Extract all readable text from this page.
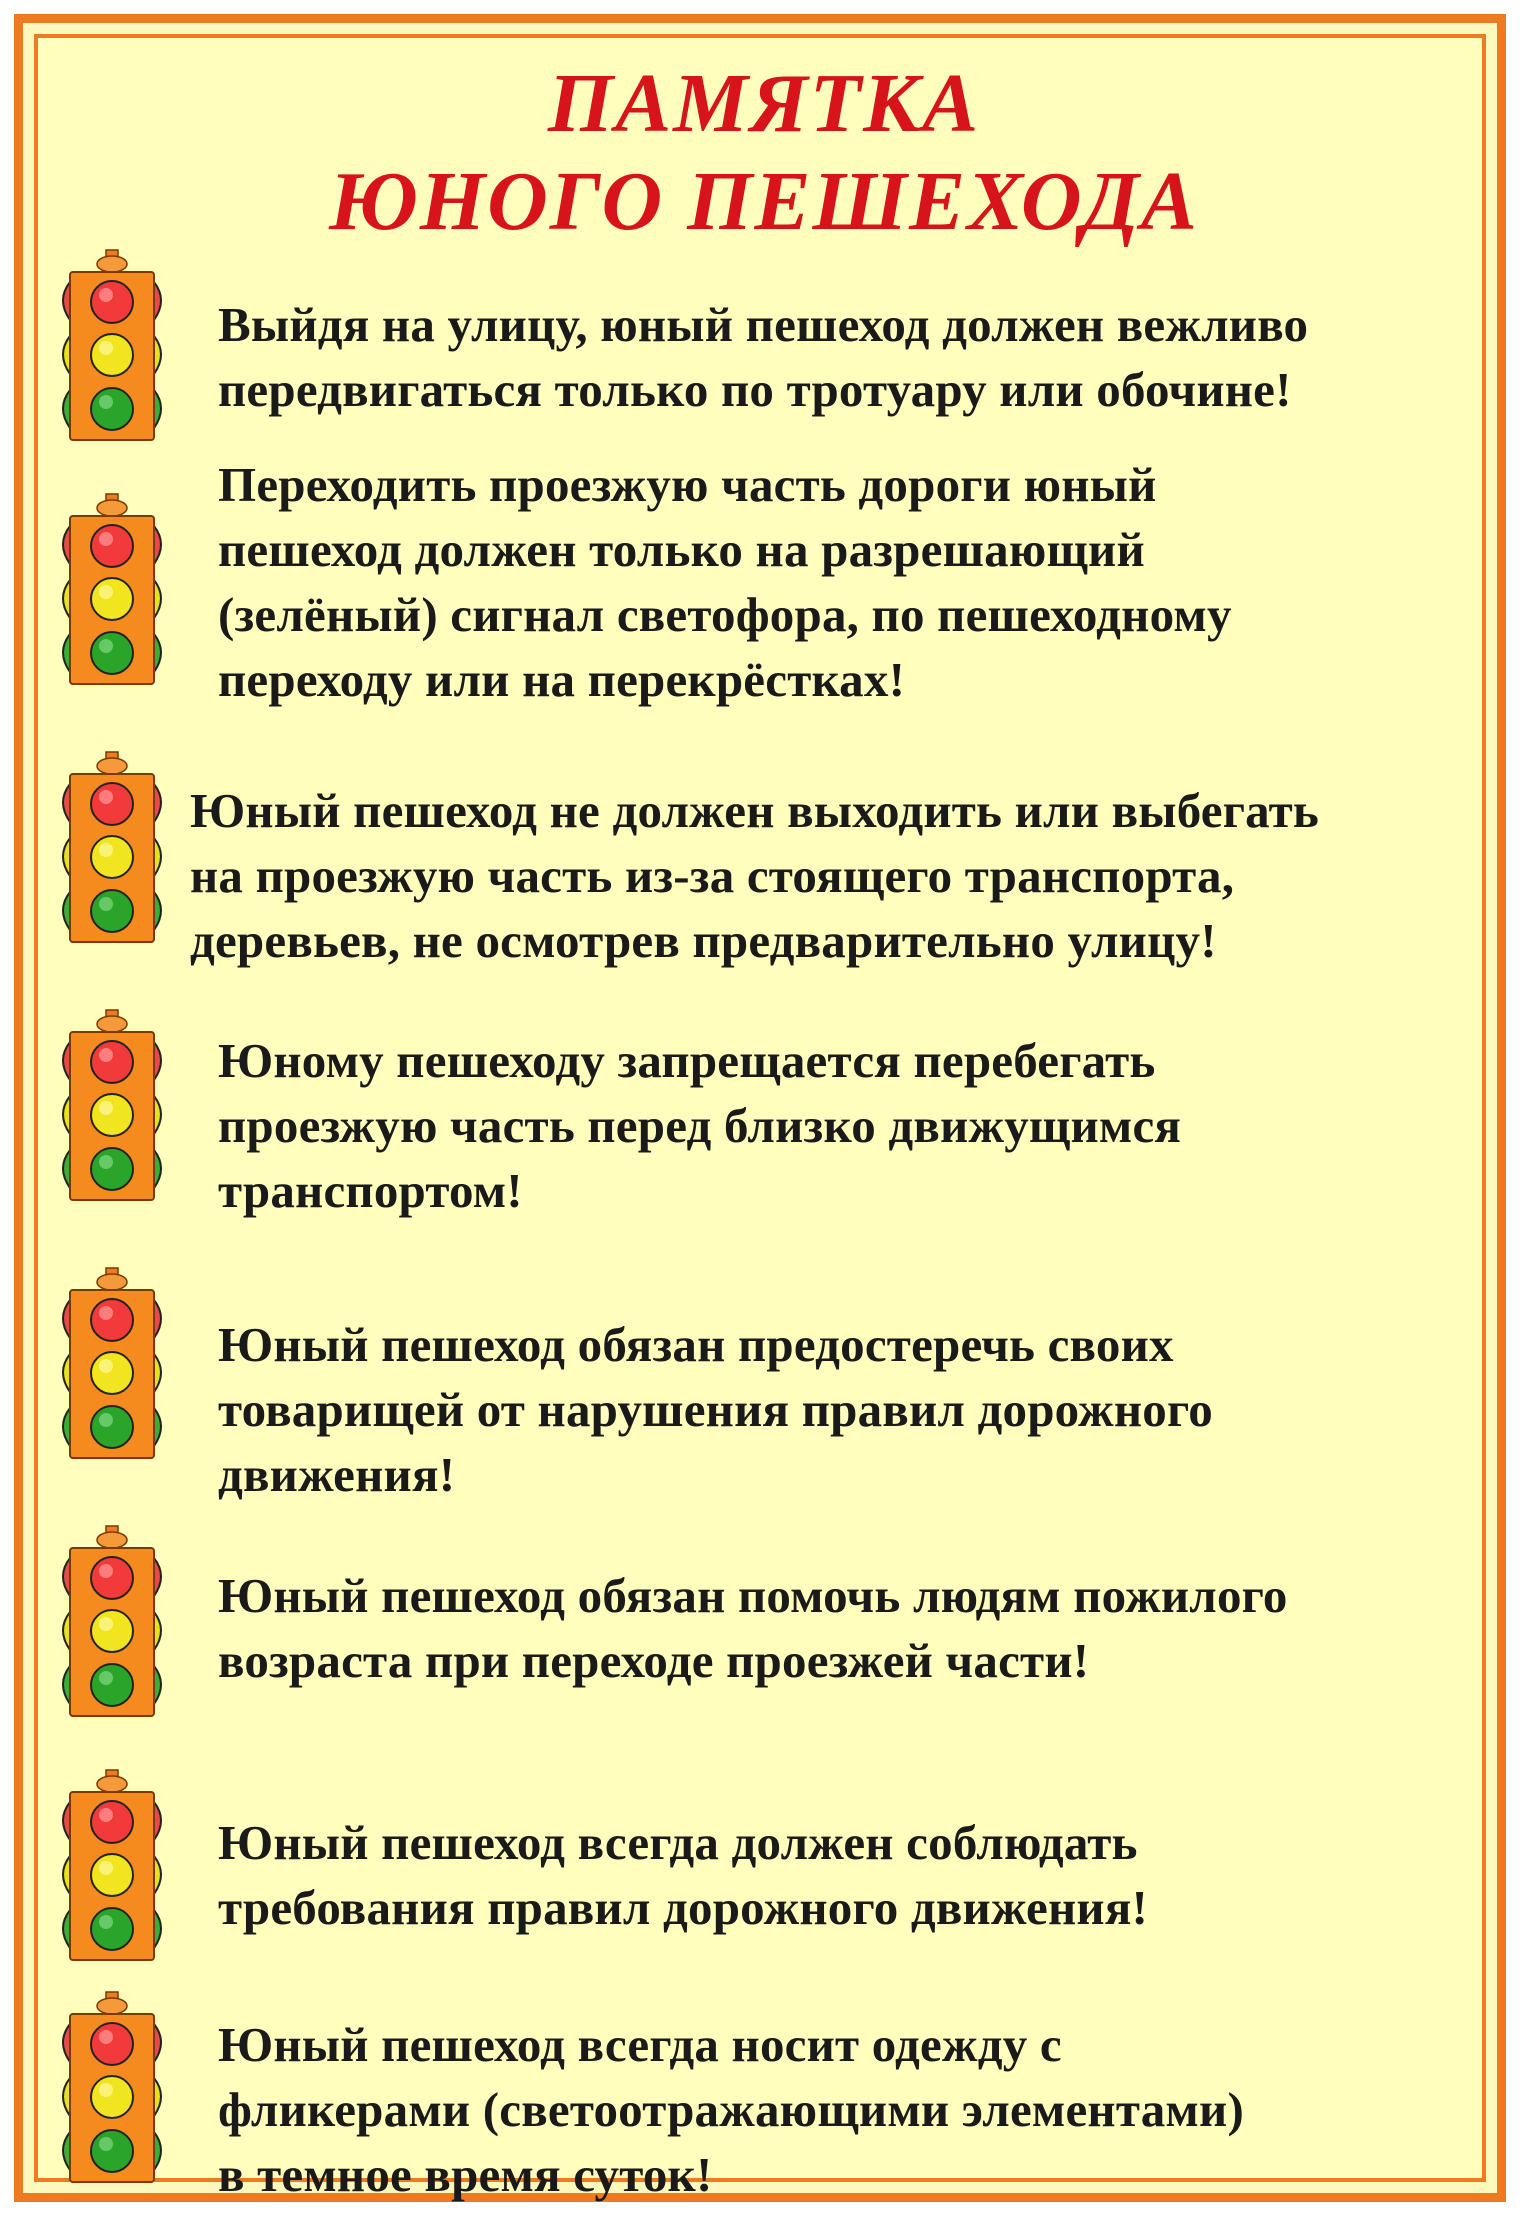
ПАМЯТКА
ЮНОГО ПЕШЕХОДА

Выйдя на улицу, юный пешеход должен вежливо
передвигаться только по тротуару или обочине!

Переходить проезжую часть дороги юный
пешеход должен только на разрешающий
(зелёный) сигнал светофора, по пешеходному
переходу или на перекрёстках!

Юный пешеход не должен выходить или выбегать
на проезжую часть из-за стоящего транспорта,
деревьев, не осмотрев предварительно улицу!

Юному пешеходу запрещается перебегать
проезжую часть перед близко движущимся
транспортом!

Юный пешеход обязан предостеречь своих
товарищей от нарушения правил дорожного
движения!

Юный пешеход обязан помочь людям пожилого
возраста при переходе проезжей части!

Юный пешеход всегда должен соблюдать
требования правил дорожного движения!

Юный пешеход всегда носит одежду с
фликерами (светоотражающими элементами)
в темное время суток!
